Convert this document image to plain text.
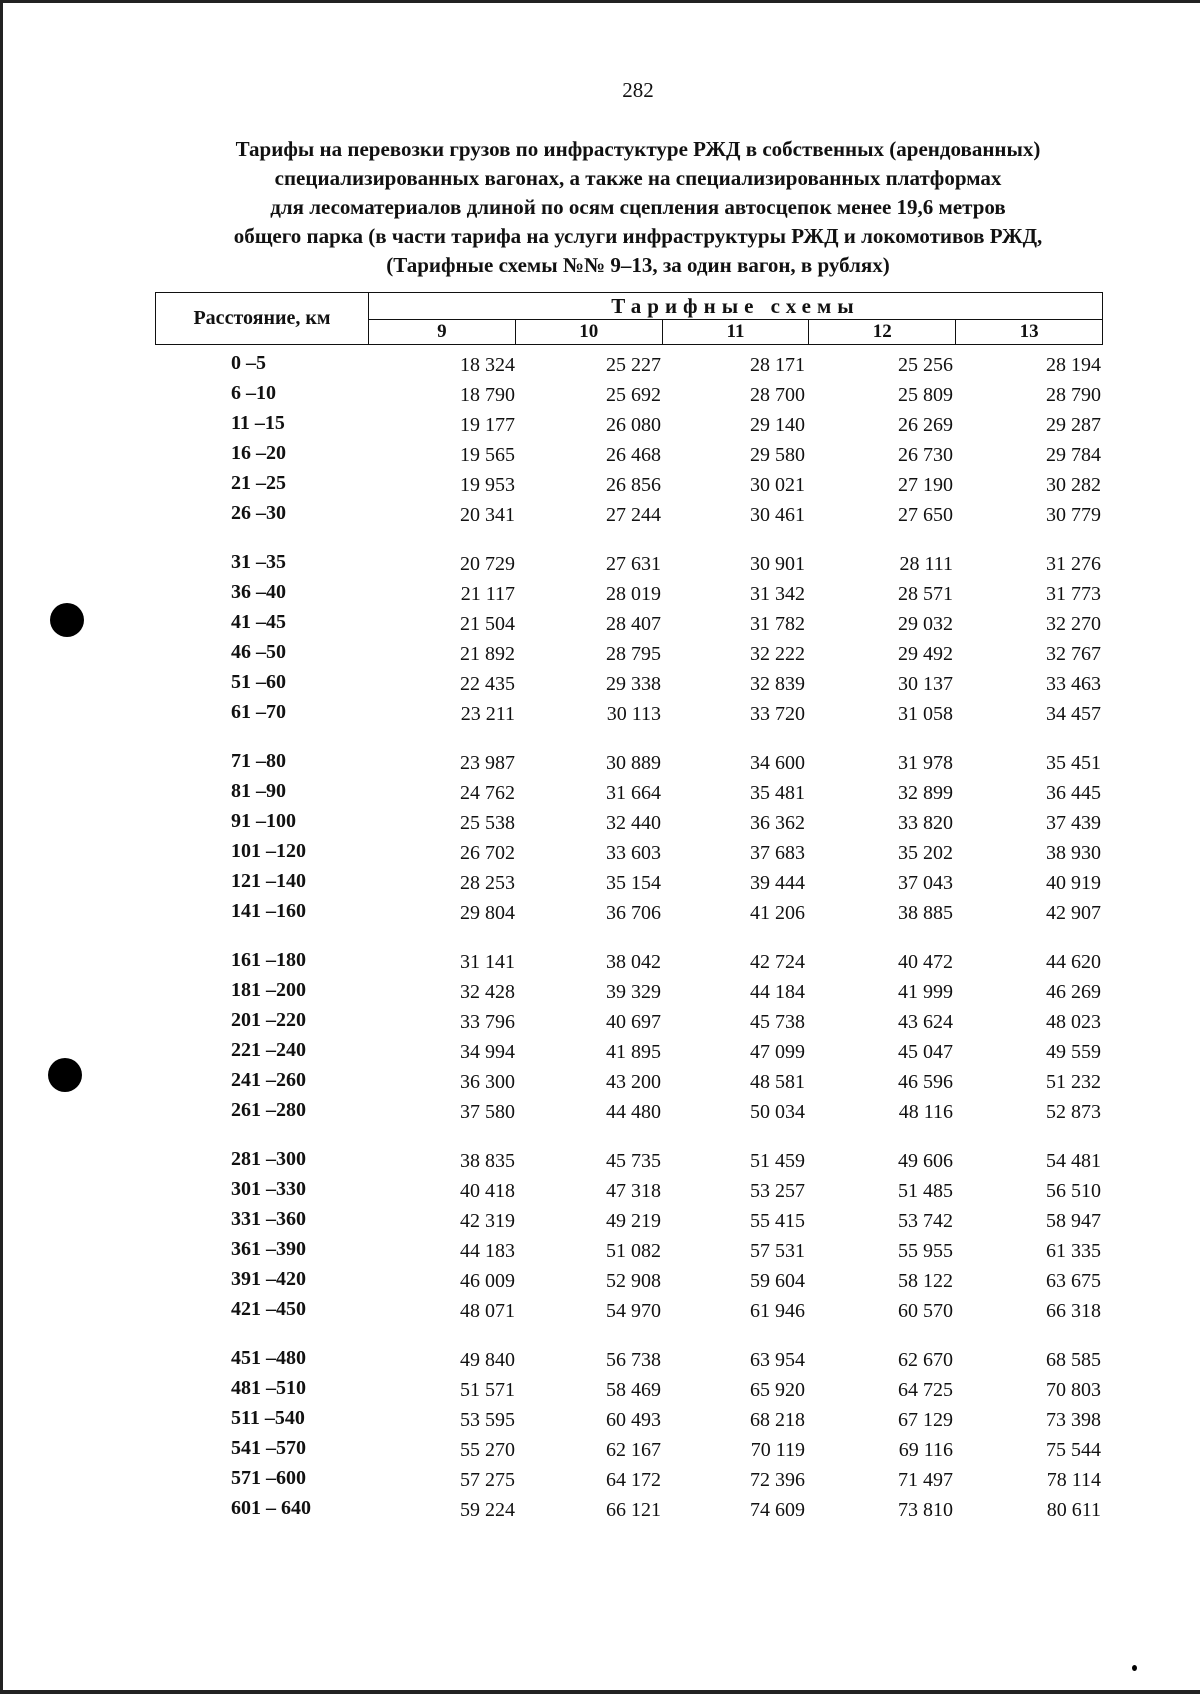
282
Тарифы на перевозки грузов по инфрастуктуре РЖД в собственных (арендованных)
специализированных вагонах, а также на специализированных платформах
для лесоматериалов длиной по осям сцепления автосцепок менее 19,6 метров
общего парка (в части тарифа на услуги инфраструктуры РЖД и локомотивов РЖД,
(Тарифные схемы №№ 9–13, за один вагон, в рублях)
Расстояние, км	Тарифные схемы
9	10	11	12	13
0 –5	18 324	25 227	28 171	25 256	28 194
6 –10	18 790	25 692	28 700	25 809	28 790
11 –15	19 177	26 080	29 140	26 269	29 287
16 –20	19 565	26 468	29 580	26 730	29 784
21 –25	19 953	26 856	30 021	27 190	30 282
26 –30	20 341	27 244	30 461	27 650	30 779
31 –35	20 729	27 631	30 901	28 111	31 276
36 –40	21 117	28 019	31 342	28 571	31 773
41 –45	21 504	28 407	31 782	29 032	32 270
46 –50	21 892	28 795	32 222	29 492	32 767
51 –60	22 435	29 338	32 839	30 137	33 463
61 –70	23 211	30 113	33 720	31 058	34 457
71 –80	23 987	30 889	34 600	31 978	35 451
81 –90	24 762	31 664	35 481	32 899	36 445
91 –100	25 538	32 440	36 362	33 820	37 439
101 –120	26 702	33 603	37 683	35 202	38 930
121 –140	28 253	35 154	39 444	37 043	40 919
141 –160	29 804	36 706	41 206	38 885	42 907
161 –180	31 141	38 042	42 724	40 472	44 620
181 –200	32 428	39 329	44 184	41 999	46 269
201 –220	33 796	40 697	45 738	43 624	48 023
221 –240	34 994	41 895	47 099	45 047	49 559
241 –260	36 300	43 200	48 581	46 596	51 232
261 –280	37 580	44 480	50 034	48 116	52 873
281 –300	38 835	45 735	51 459	49 606	54 481
301 –330	40 418	47 318	53 257	51 485	56 510
331 –360	42 319	49 219	55 415	53 742	58 947
361 –390	44 183	51 082	57 531	55 955	61 335
391 –420	46 009	52 908	59 604	58 122	63 675
421 –450	48 071	54 970	61 946	60 570	66 318
451 –480	49 840	56 738	63 954	62 670	68 585
481 –510	51 571	58 469	65 920	64 725	70 803
511 –540	53 595	60 493	68 218	67 129	73 398
541 –570	55 270	62 167	70 119	69 116	75 544
571 –600	57 275	64 172	72 396	71 497	78 114
601 – 640	59 224	66 121	74 609	73 810	80 611
